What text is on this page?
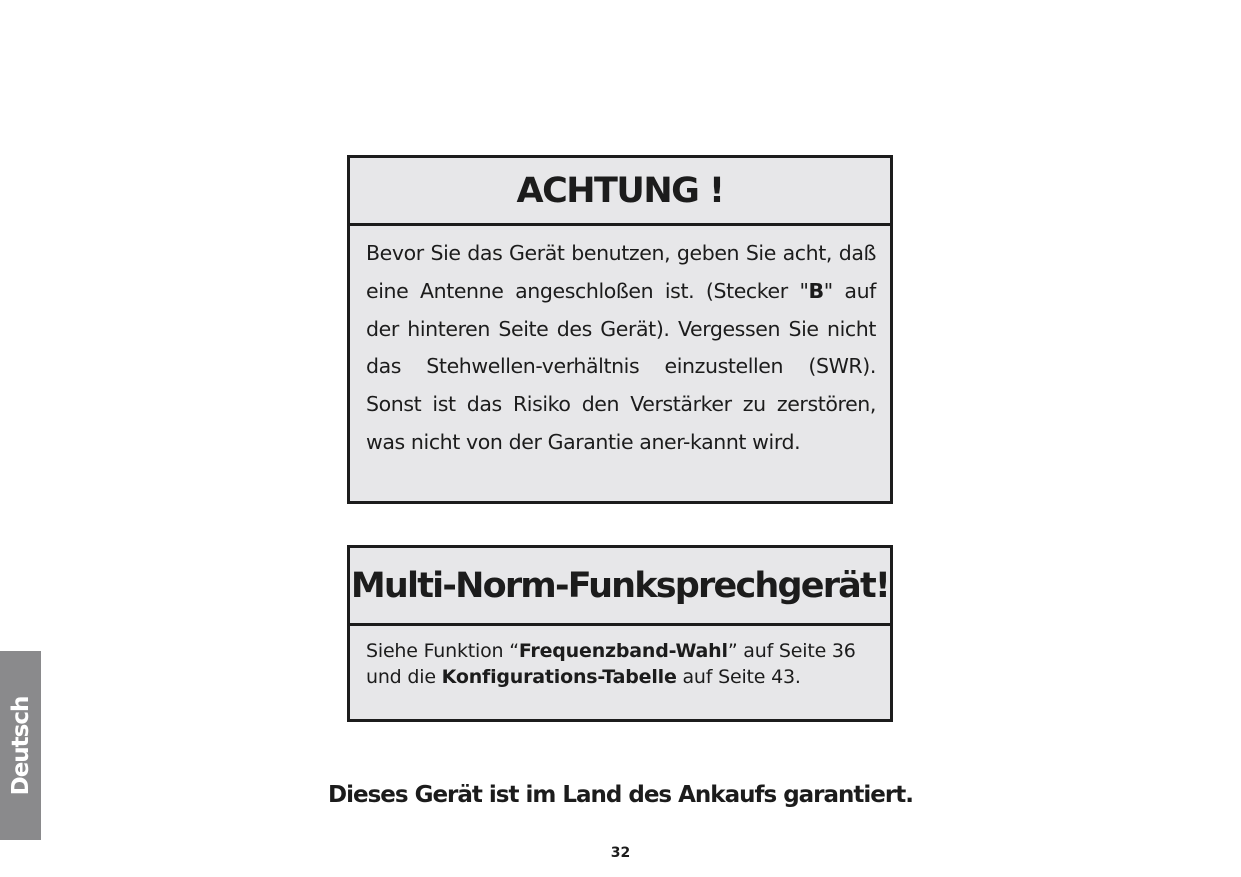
ACHTUNG !
Bevor Sie das Gerät benutzen, geben Sie acht, daß eine Antenne angeschloßen ist. (Stecker "B" auf der hinteren Seite des Gerät). Vergessen Sie nicht das Stehwellen-verhältnis einzustellen (SWR). Sonst ist das Risiko den Verstärker zu zerstören, was nicht von der Garantie aner-kannt wird.
Multi-Norm-Funksprechgerät!
Siehe Funktion “Frequenzband-Wahl” auf Seite 36
und die Konfigurations-Tabelle auf Seite 43.
Dieses Gerät ist im Land des Ankaufs garantiert.
32
Deutsch
